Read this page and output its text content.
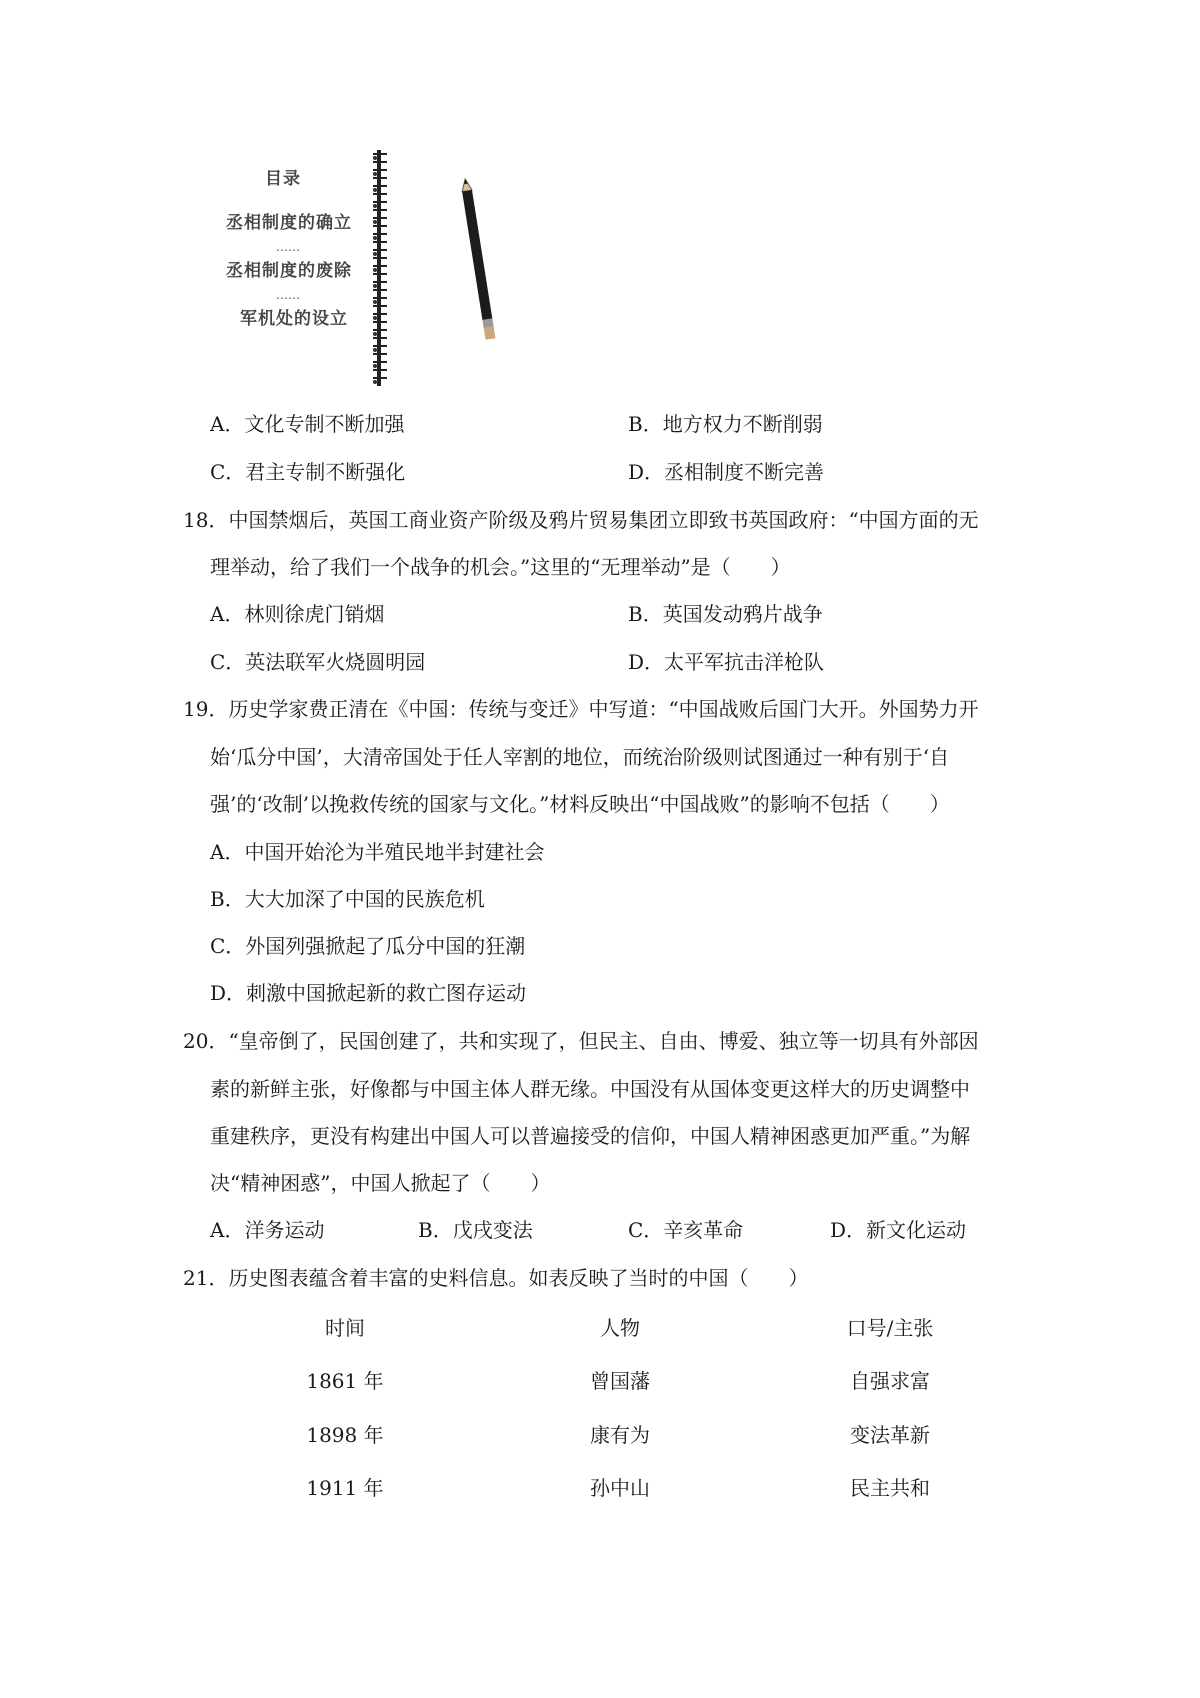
目录
丞相制度的确立
……
丞相制度的废除
……
军机处的设立
A．文化专制不断加强	B．地方权力不断削弱
C．君主专制不断强化	D．丞相制度不断完善
18．中国禁烟后，英国工商业资产阶级及鸦片贸易集团立即致书英国政府：“中国方面的无
理举动，给了我们一个战争的机会。”这里的“无理举动”是（　　）
A．林则徐虎门销烟	B．英国发动鸦片战争
C．英法联军火烧圆明园	D．太平军抗击洋枪队
19．历史学家费正清在《中国：传统与变迁》中写道：“中国战败后国门大开。外国势力开
始‘瓜分中国’，大清帝国处于任人宰割的地位，而统治阶级则试图通过一种有别于‘自
强’的‘改制’以挽救传统的国家与文化。”材料反映出“中国战败”的影响不包括（　　）
A．中国开始沦为半殖民地半封建社会
B．大大加深了中国的民族危机
C．外国列强掀起了瓜分中国的狂潮
D．刺激中国掀起新的救亡图存运动
20．“皇帝倒了，民国创建了，共和实现了，但民主、自由、博爱、独立等一切具有外部因
素的新鲜主张，好像都与中国主体人群无缘。中国没有从国体变更这样大的历史调整中
重建秩序，更没有构建出中国人可以普遍接受的信仰，中国人精神困惑更加严重。”为解
决“精神困惑”，中国人掀起了（　　）
A．洋务运动	B．戊戌变法	C．辛亥革命	D．新文化运动
21．历史图表蕴含着丰富的史料信息。如表反映了当时的中国（　　）
时间	人物	口号/主张
1861 年	曾国藩	自强求富
1898 年	康有为	变法革新
1911 年	孙中山	民主共和
